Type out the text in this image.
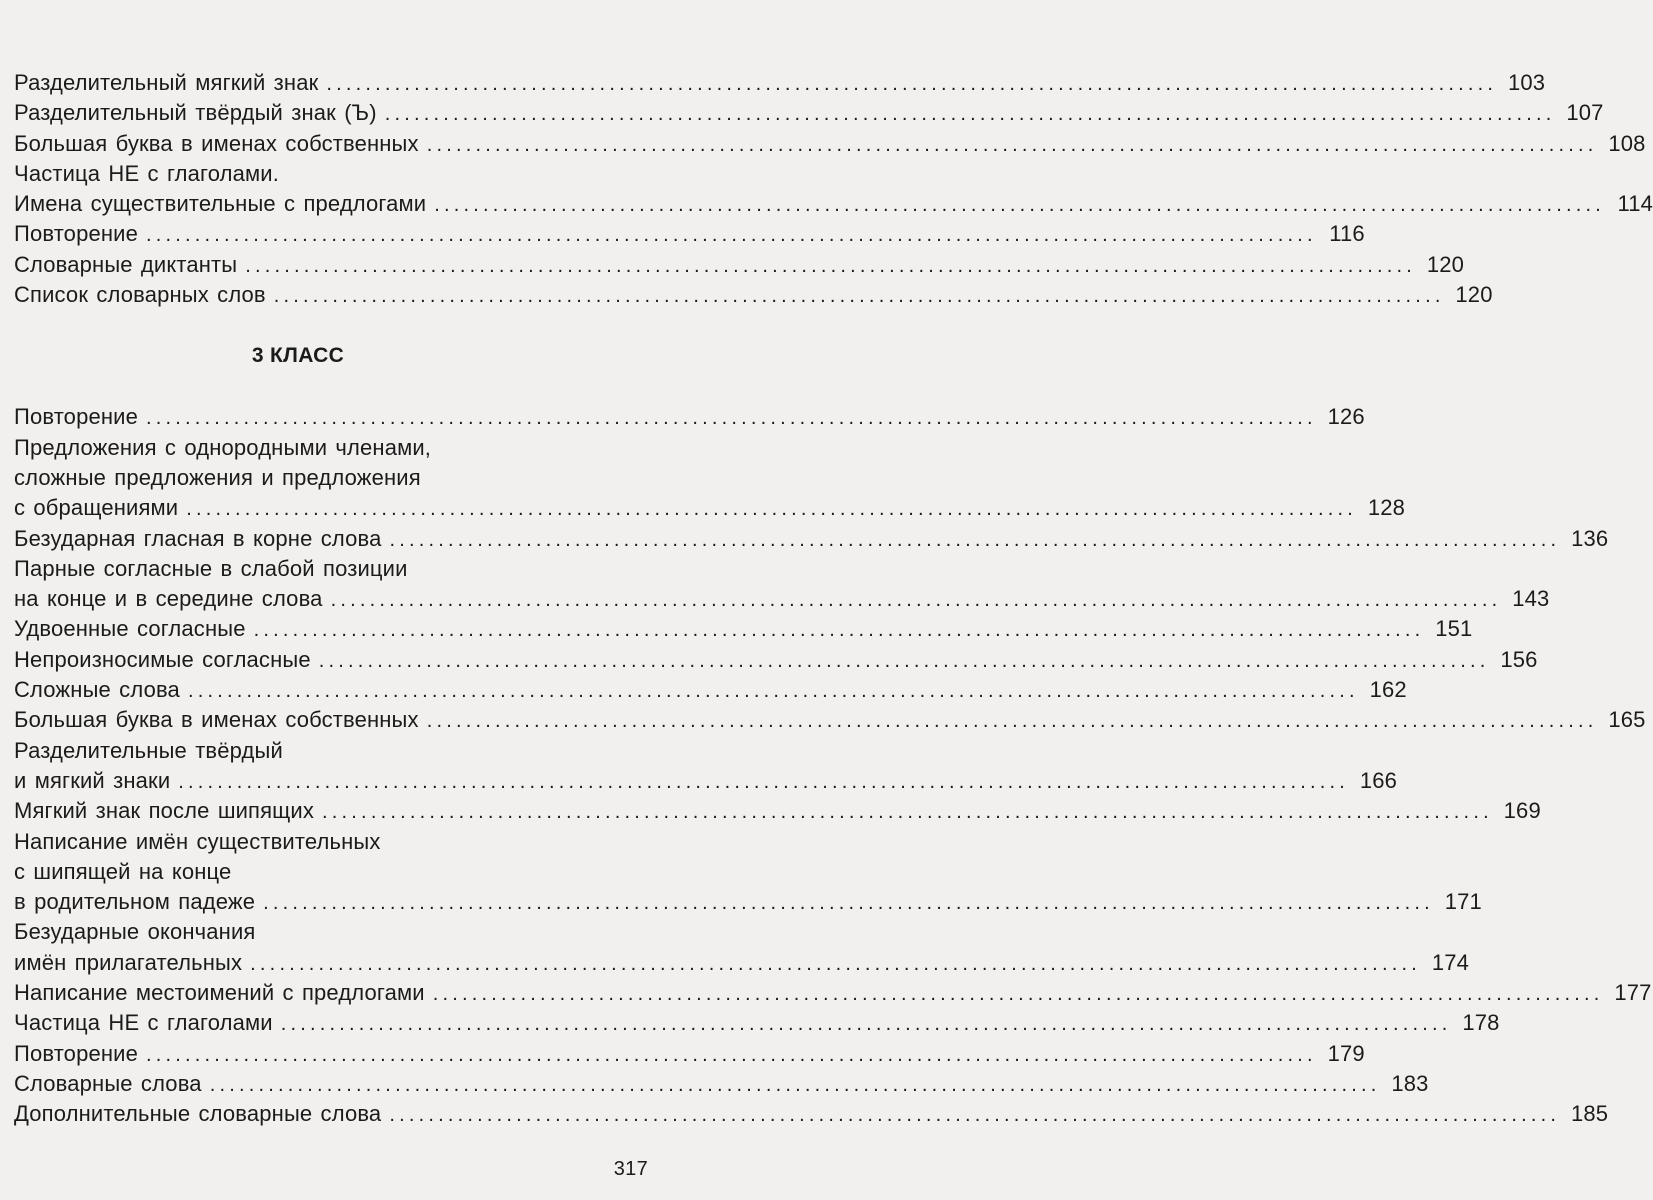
Разделительный мягкий знак ........................................................................................................................ 103
Разделительный твёрдый знак (Ъ) ........................................................................................................................ 107
Большая буква в именах собственных ........................................................................................................................ 108
Частица НЕ с глаголами.
Имена существительные с предлогами ........................................................................................................................ 114
Повторение ........................................................................................................................ 116
Словарные диктанты ........................................................................................................................ 120
Список словарных слов ........................................................................................................................ 120
3 КЛАСС
Повторение ........................................................................................................................ 126
Предложения с однородными членами,
сложные предложения и предложения
с обращениями ........................................................................................................................ 128
Безударная гласная в корне слова ........................................................................................................................ 136
Парные согласные в слабой позиции
на конце и в середине слова ........................................................................................................................ 143
Удвоенные согласные ........................................................................................................................ 151
Непроизносимые согласные ........................................................................................................................ 156
Сложные слова ........................................................................................................................ 162
Большая буква в именах собственных ........................................................................................................................ 165
Разделительные твёрдый
и мягкий знаки ........................................................................................................................ 166
Мягкий знак после шипящих ........................................................................................................................ 169
Написание имён существительных
с шипящей на конце
в родительном падеже ........................................................................................................................ 171
Безударные окончания
имён прилагательных ........................................................................................................................ 174
Написание местоимений с предлогами ........................................................................................................................ 177
Частица НЕ с глаголами ........................................................................................................................ 178
Повторение ........................................................................................................................ 179
Словарные слова ........................................................................................................................ 183
Дополнительные словарные слова ........................................................................................................................ 185
317
